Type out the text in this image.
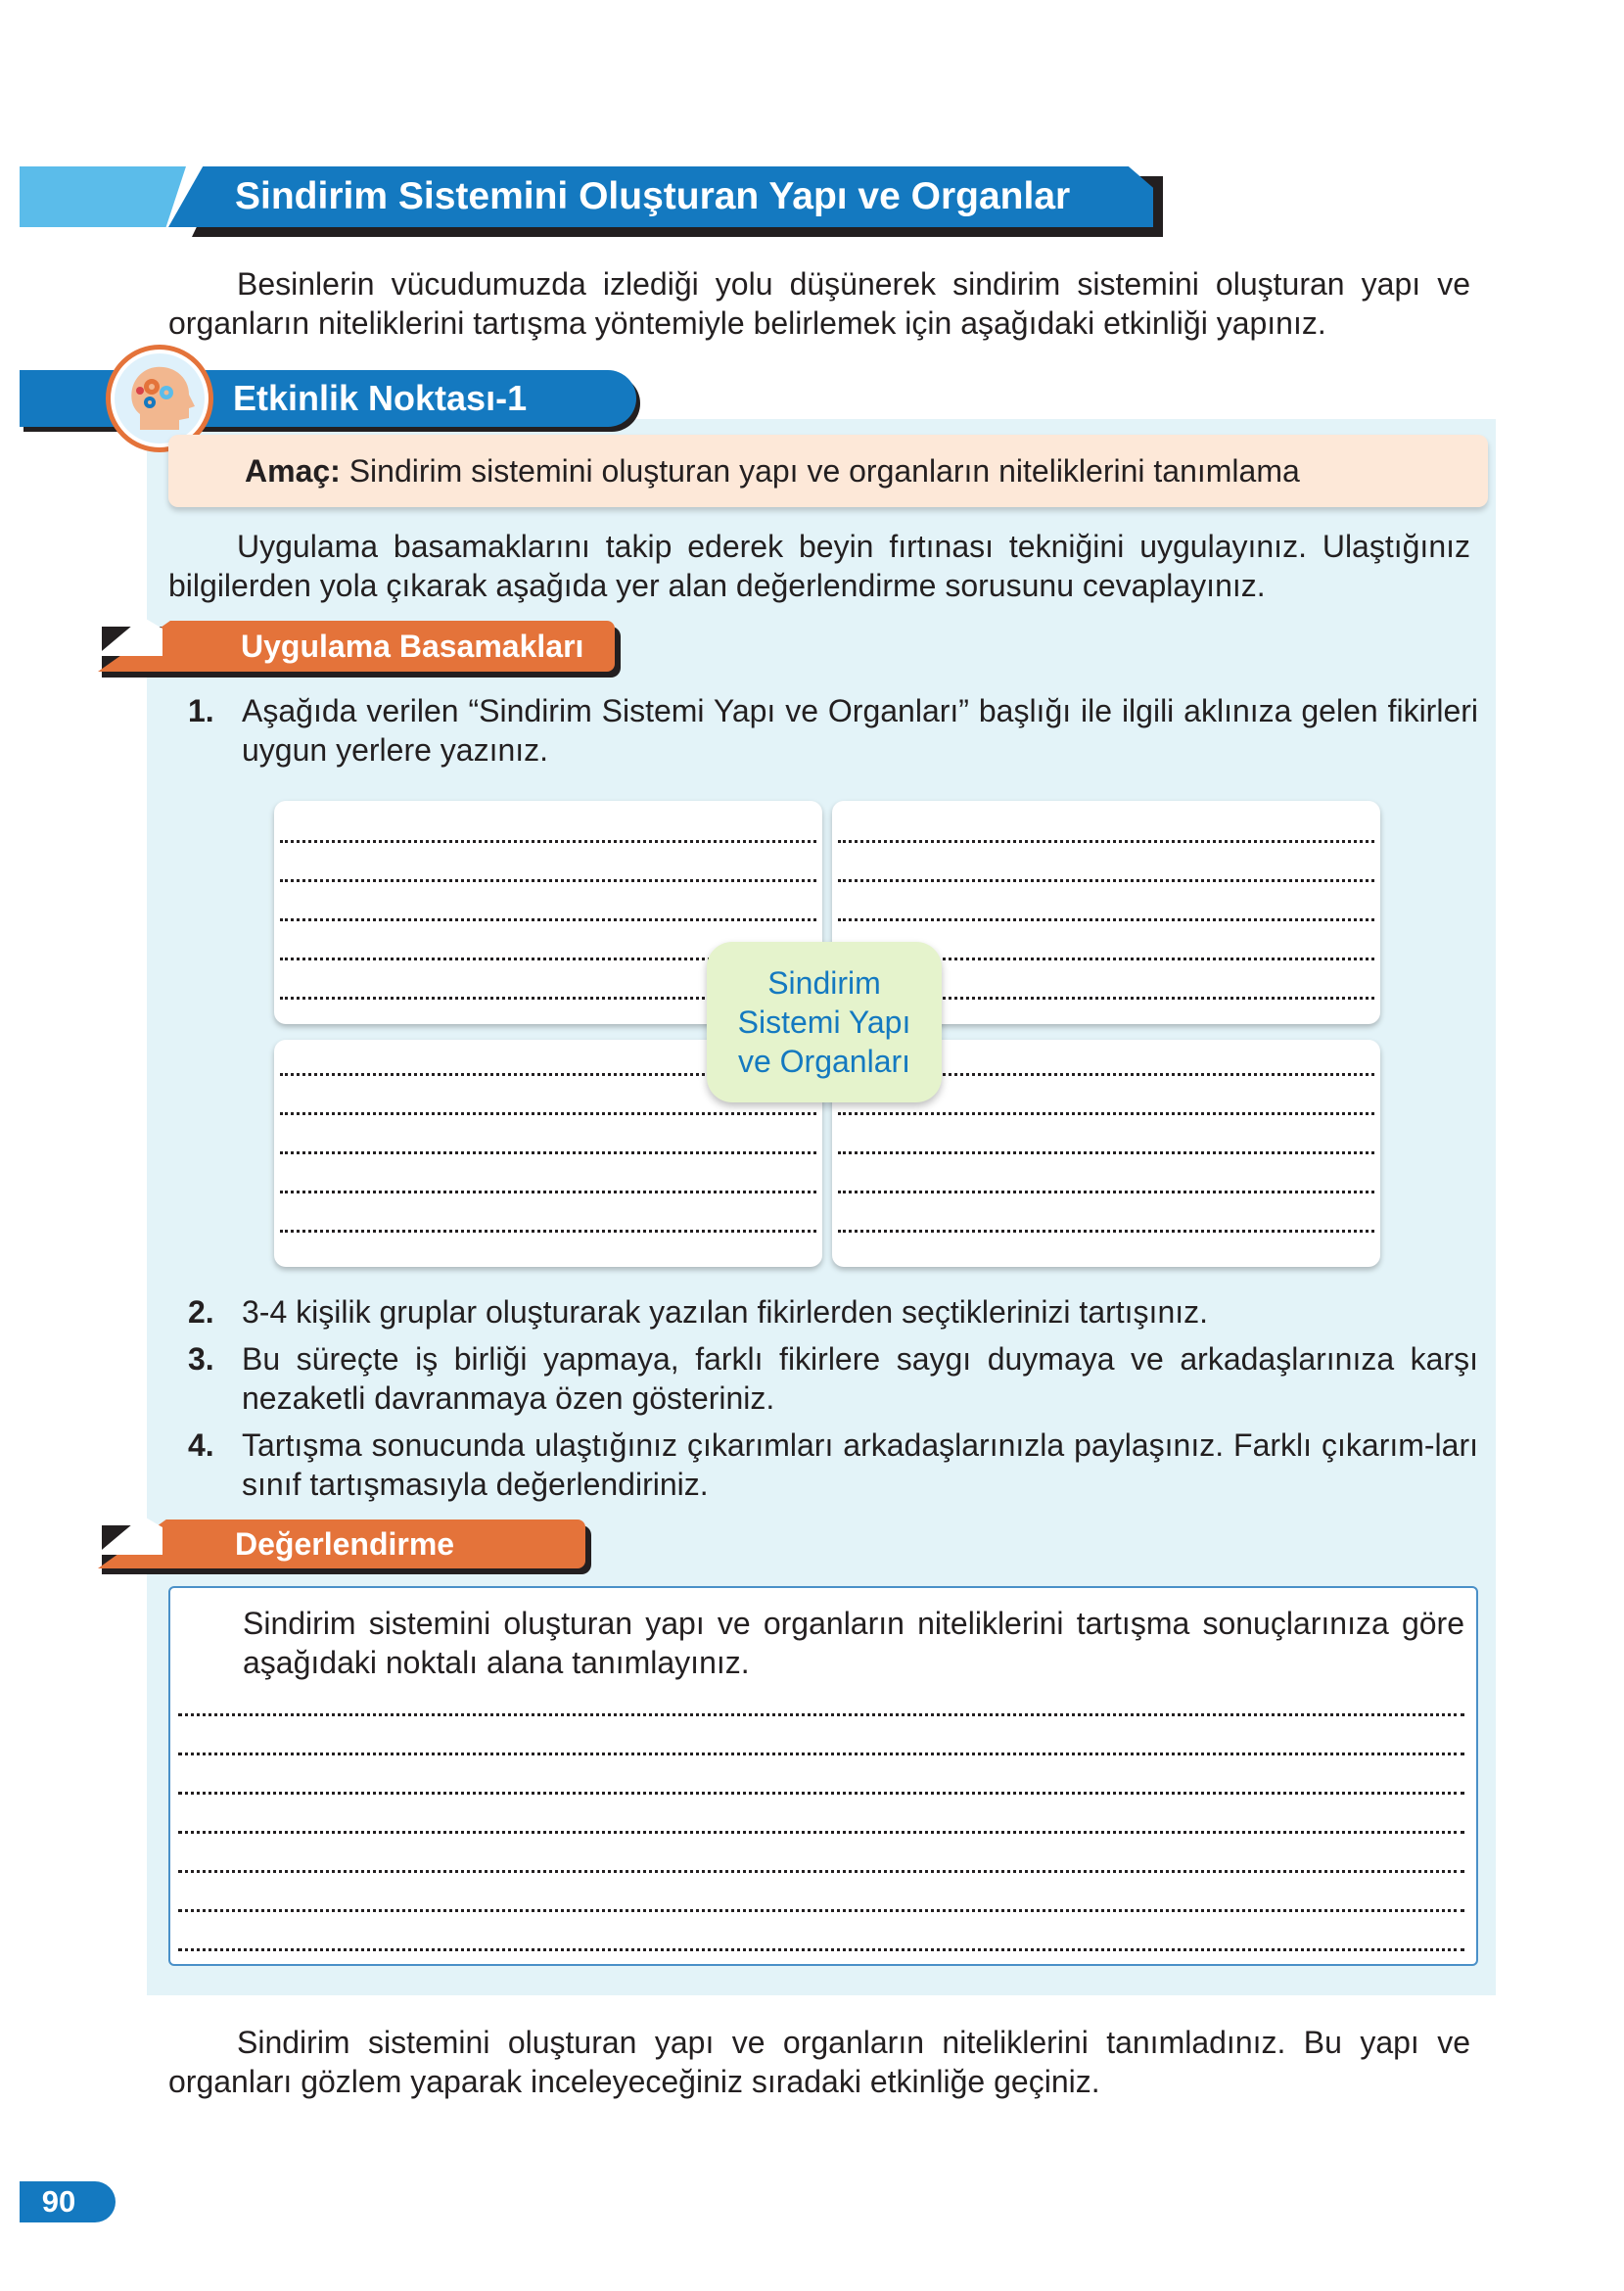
Sindirim Sistemini Oluşturan Yapı ve Organlar
Besinlerin vücudumuzda izlediği yolu düşünerek sindirim sistemini oluşturan yapı ve organların niteliklerini tartışma yöntemiyle belirlemek için aşağıdaki etkinliği yapınız.
Etkinlik Noktası-1
Amaç: Sindirim sistemini oluşturan yapı ve organların niteliklerini tanımlama
Uygulama basamaklarını takip ederek beyin fırtınası tekniğini uygulayınız. Ulaştığınız bilgilerden yola çıkarak aşağıda yer alan değerlendirme sorusunu cevaplayınız.
Uygulama Basamakları
1. Aşağıda verilen “Sindirim Sistemi Yapı ve Organları” başlığı ile ilgili aklınıza gelen fikirleri uygun yerlere yazınız.
Sindirim
Sistemi Yapı
ve Organları
2. 3-4 kişilik gruplar oluşturarak yazılan fikirlerden seçtiklerinizi tartışınız.
3. Bu süreçte iş birliği yapmaya, farklı fikirlere saygı duymaya ve arkadaşlarınıza karşı nezaketli davranmaya özen gösteriniz.
4. Tartışma sonucunda ulaştığınız çıkarımları arkadaşlarınızla paylaşınız. Farklı çıkarım-ları sınıf tartışmasıyla değerlendiriniz.
Değerlendirme
Sindirim sistemini oluşturan yapı ve organların niteliklerini tartışma sonuçlarınıza göre aşağıdaki noktalı alana tanımlayınız.
Sindirim sistemini oluşturan yapı ve organların niteliklerini tanımladınız. Bu yapı ve organları gözlem yaparak inceleyeceğiniz sıradaki etkinliğe geçiniz.
90
